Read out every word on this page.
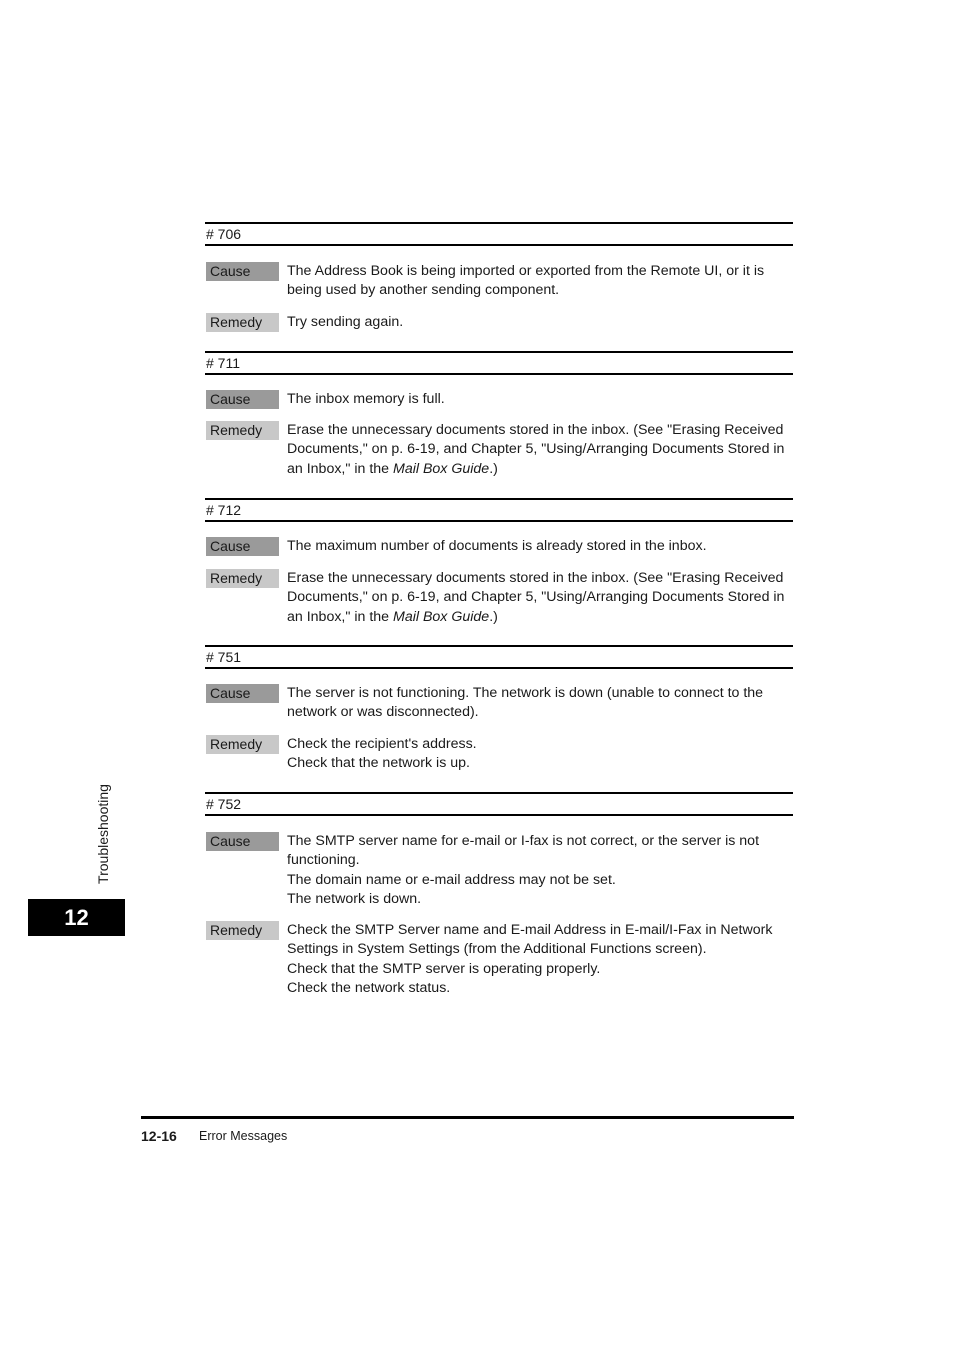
# 706
Cause	The Address Book is being imported or exported from the Remote UI, or it is being used by another sending component.

Remedy	Try sending again.

# 711
Cause	The inbox memory is full.

Remedy	Erase the unnecessary documents stored in the inbox. (See "Erasing Received Documents," on p. 6-19, and Chapter 5, "Using/Arranging Documents Stored in an Inbox," in the Mail Box Guide.)

# 712
Cause	The maximum number of documents is already stored in the inbox.

Remedy	Erase the unnecessary documents stored in the inbox. (See "Erasing Received Documents," on p. 6-19, and Chapter 5, "Using/Arranging Documents Stored in an Inbox," in the Mail Box Guide.)

# 751
Cause	The server is not functioning. The network is down (unable to connect to the network or was disconnected).

Remedy	Check the recipient's address.

Check that the network is up.

# 752
Cause	The SMTP server name for e-mail or I-fax is not correct, or the server is not functioning.

The domain name or e-mail address may not be set.

The network is down.

Remedy	Check the SMTP Server name and E-mail Address in E-mail/I-Fax in Network Settings in System Settings (from the Additional Functions screen).

Check that the SMTP server is operating properly.

Check the network status.

Troubleshooting
12
12-16 Error Messages
